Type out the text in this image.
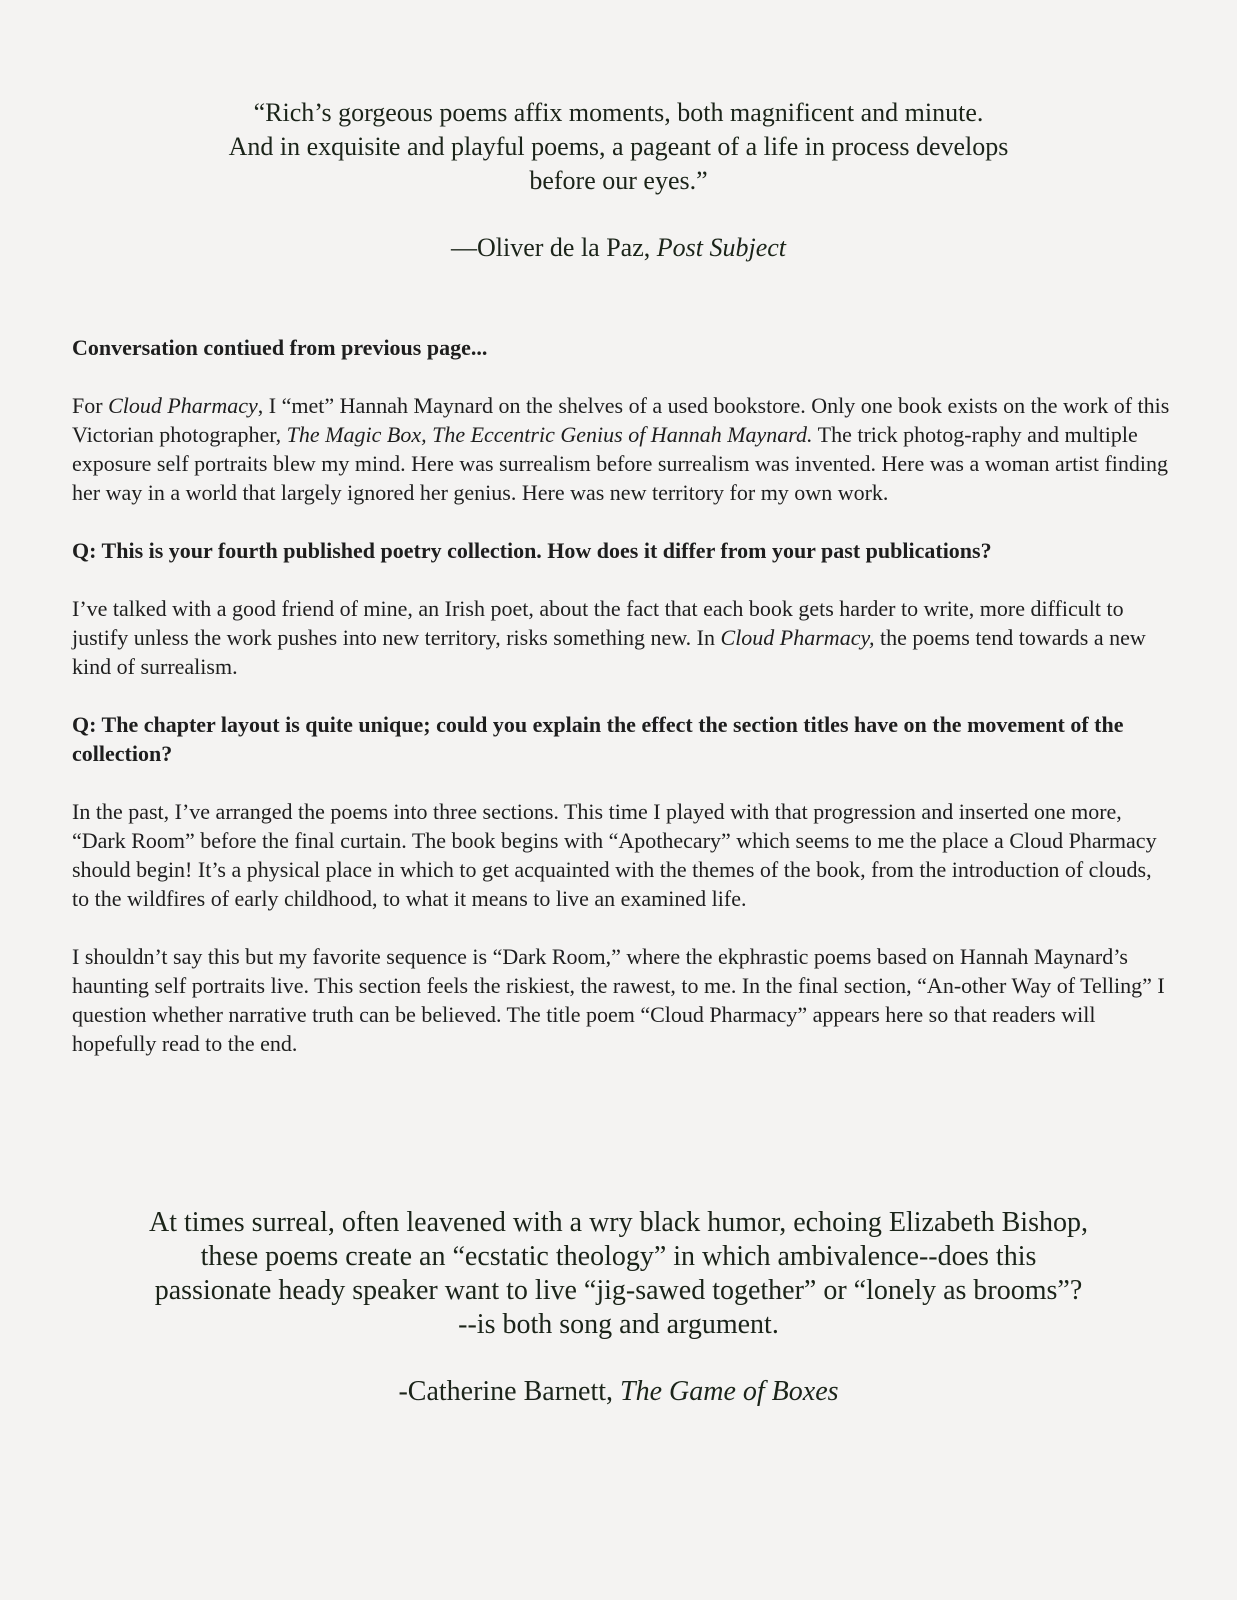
“Rich’s gorgeous poems affix moments, both magnificent and minute.
And in exquisite and playful poems, a pageant of a life in process develops
before our eyes.”
—Oliver de la Paz, Post Subject

Conversation contiued from previous page...

For Cloud Pharmacy, I “met” Hannah Maynard on the shelves of a used bookstore. Only one book exists on the work of this Victorian photographer, The Magic Box, The Eccentric Genius of Hannah Maynard. The trick photog-raphy and multiple exposure self portraits blew my mind. Here was surrealism before surrealism was invented. Here was a woman artist finding her way in a world that largely ignored her genius. Here was new territory for my own work.

Q: This is your fourth published poetry collection. How does it differ from your past publications?

I’ve talked with a good friend of mine, an Irish poet, about the fact that each book gets harder to write, more difficult to justify unless the work pushes into new territory, risks something new. In Cloud Pharmacy, the poems tend towards a new kind of surrealism.

Q: The chapter layout is quite unique; could you explain the effect the section titles have on the movement of the collection?

In the past, I’ve arranged the poems into three sections. This time I played with that progression and inserted one more, “Dark Room” before the final curtain. The book begins with “Apothecary” which seems to me the place a Cloud Pharmacy should begin! It’s a physical place in which to get acquainted with the themes of the book, from the introduction of clouds, to the wildfires of early childhood, to what it means to live an examined life.

I shouldn’t say this but my favorite sequence is “Dark Room,” where the ekphrastic poems based on Hannah Maynard’s haunting self portraits live. This section feels the riskiest, the rawest, to me. In the final section, “An-other Way of Telling” I question whether narrative truth can be believed. The title poem “Cloud Pharmacy” appears here so that readers will hopefully read to the end.

At times surreal, often leavened with a wry black humor, echoing Elizabeth Bishop,
these poems create an “ecstatic theology” in which ambivalence--does this
passionate heady speaker want to live “jig-sawed together” or “lonely as brooms”?
--is both song and argument.
-Catherine Barnett, The Game of Boxes
